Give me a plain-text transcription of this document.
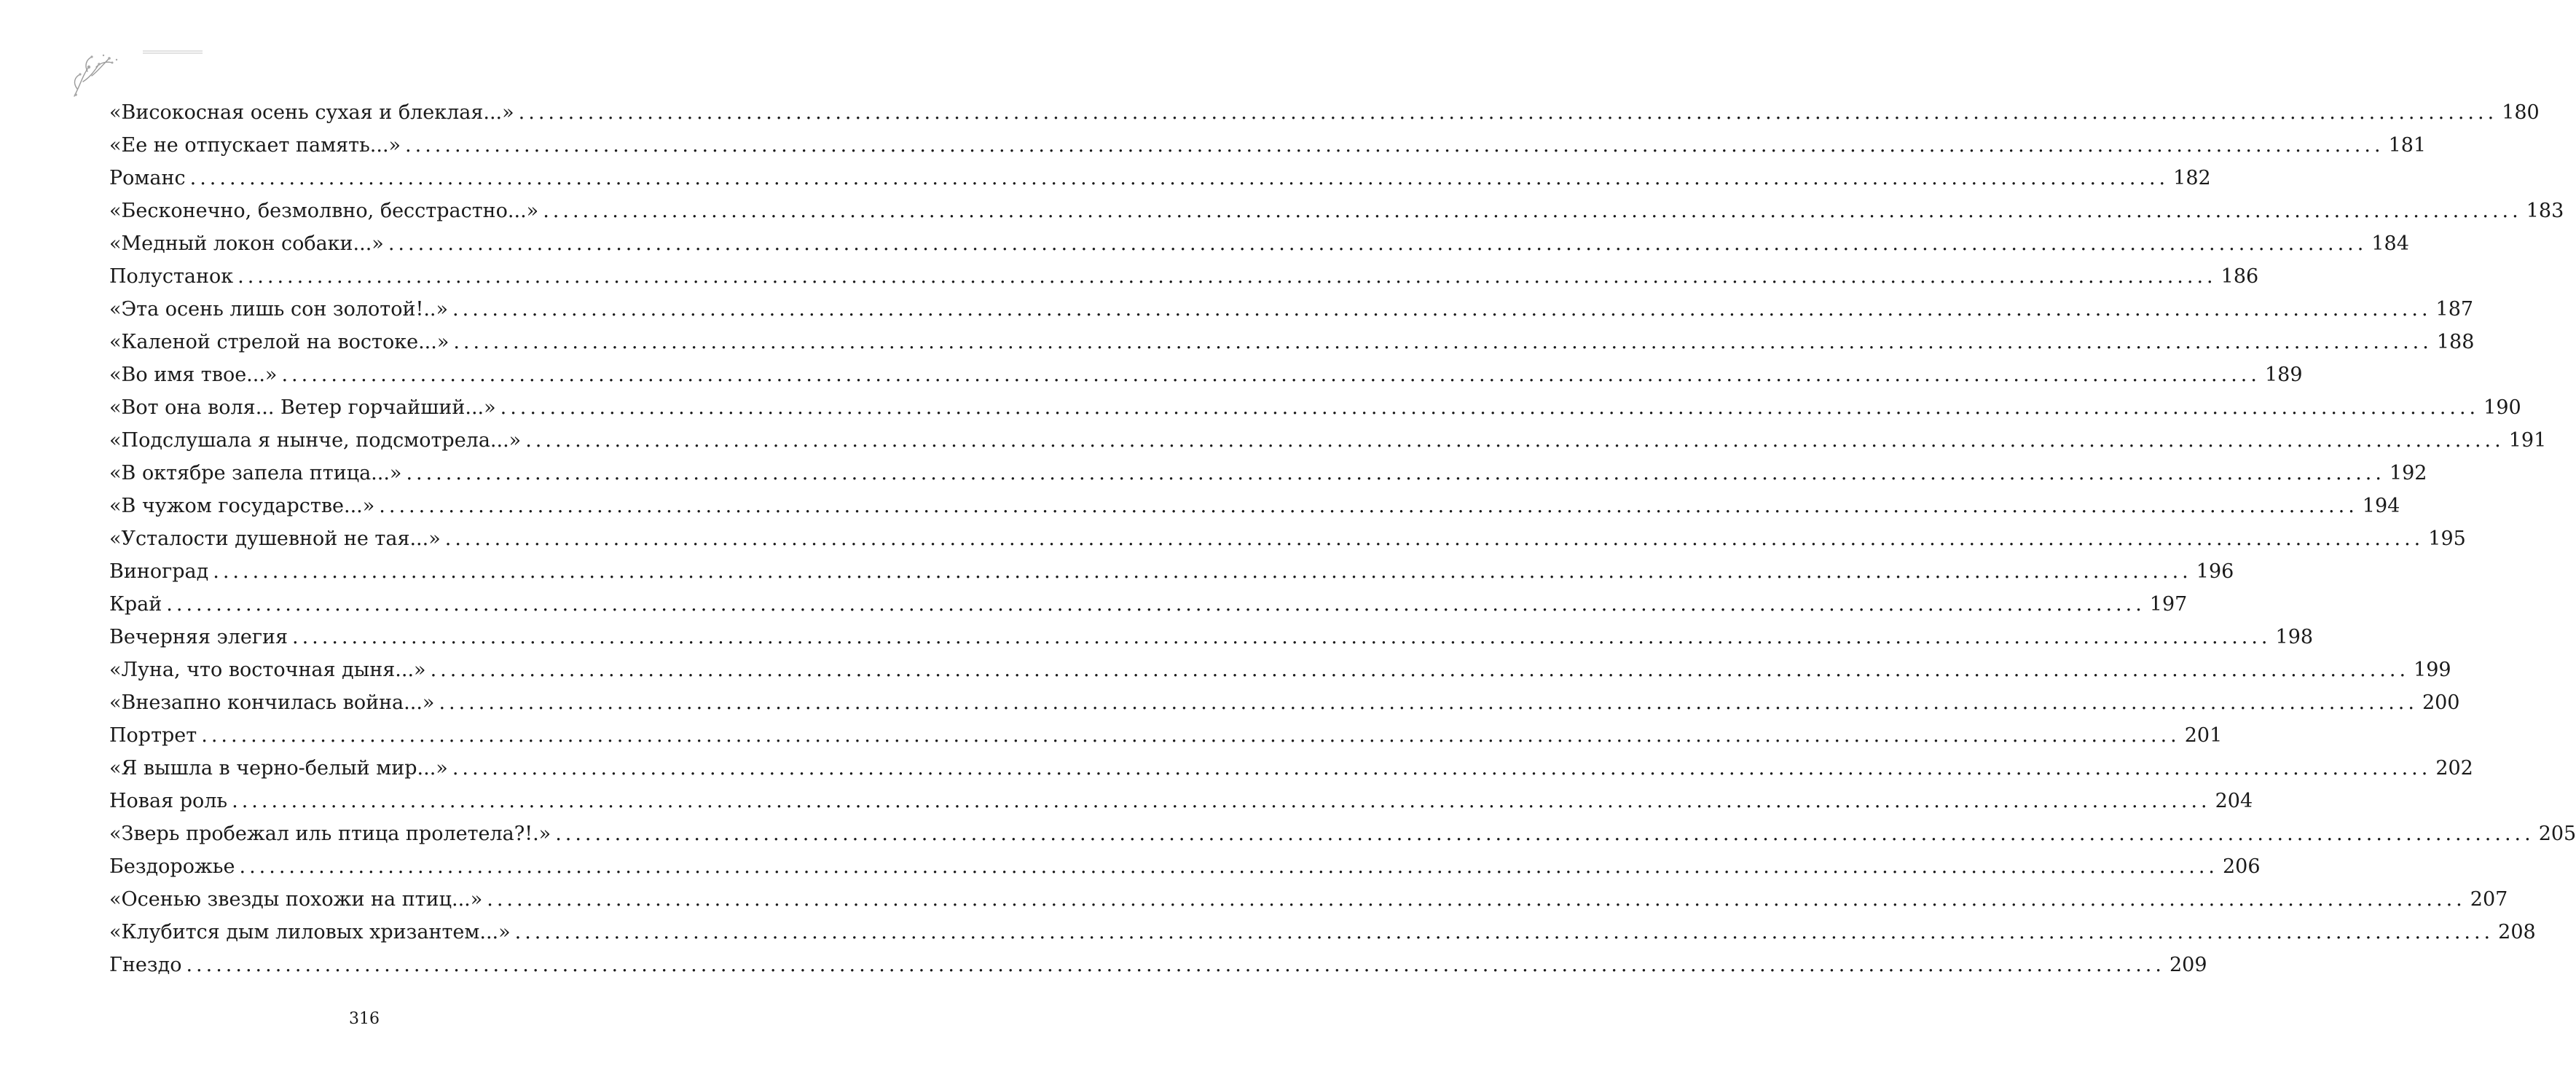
«Високосная осень сухая и блеклая...» ........................................................................................................................................................................................................ 180
«Ее не отпускает память...» ........................................................................................................................................................................................................ 181
Романс ........................................................................................................................................................................................................ 182
«Бесконечно, безмолвно, бесстрастно...» ........................................................................................................................................................................................................ 183
«Медный локон собаки...» ........................................................................................................................................................................................................ 184
Полустанок ........................................................................................................................................................................................................ 186
«Эта осень лишь сон золотой!..» ........................................................................................................................................................................................................ 187
«Каленой стрелой на востоке...» ........................................................................................................................................................................................................ 188
«Во имя твое...» ........................................................................................................................................................................................................ 189
«Вот она воля... Ветер горчайший...» ........................................................................................................................................................................................................ 190
«Подслушала я нынче, подсмотрела...» ........................................................................................................................................................................................................ 191
«В октябре запела птица...» ........................................................................................................................................................................................................ 192
«В чужом государстве...» ........................................................................................................................................................................................................ 194
«Усталости душевной не тая...» ........................................................................................................................................................................................................ 195
Виноград ........................................................................................................................................................................................................ 196
Край ........................................................................................................................................................................................................ 197
Вечерняя элегия ........................................................................................................................................................................................................ 198
«Луна, что восточная дыня...» ........................................................................................................................................................................................................ 199
«Внезапно кончилась война...» ........................................................................................................................................................................................................ 200
Портрет ........................................................................................................................................................................................................ 201
«Я вышла в черно-белый мир...» ........................................................................................................................................................................................................ 202
Новая роль ........................................................................................................................................................................................................ 204
«Зверь пробежал иль птица пролетела?!.» ........................................................................................................................................................................................................ 205
Бездорожье ........................................................................................................................................................................................................ 206
«Осенью звезды похожи на птиц...» ........................................................................................................................................................................................................ 207
«Клубится дым лиловых хризантем...» ........................................................................................................................................................................................................ 208
Гнездо ........................................................................................................................................................................................................ 209
316
